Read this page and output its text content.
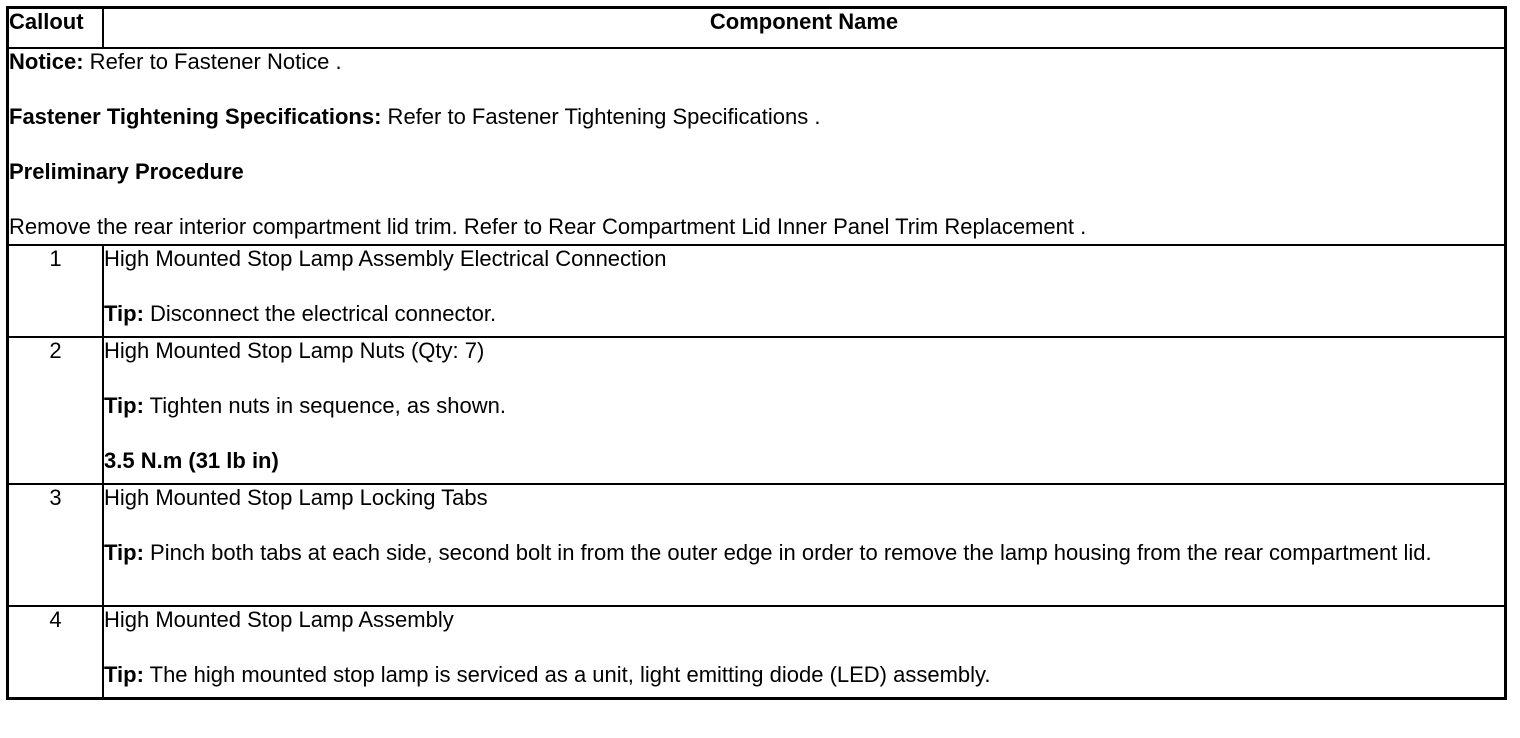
Callout	Component Name

Notice: Refer to Fastener Notice .

Fastener Tightening Specifications: Refer to Fastener Tightening Specifications .

Preliminary Procedure

Remove the rear interior compartment lid trim. Refer to Rear Compartment Lid Inner Panel Trim Replacement .	

1	High Mounted Stop Lamp Assembly Electrical Connection

Tip: Disconnect the electrical connector.

2	High Mounted Stop Lamp Nuts (Qty: 7)

Tip: Tighten nuts in sequence, as shown.

3.5 N.m (31 lb in)

3	High Mounted Stop Lamp Locking Tabs

Tip: Pinch both tabs at each side, second bolt in from the outer edge in order to remove the lamp housing from the rear compartment lid.

4	High Mounted Stop Lamp Assembly

Tip: The high mounted stop lamp is serviced as a unit, light emitting diode (LED) assembly.
